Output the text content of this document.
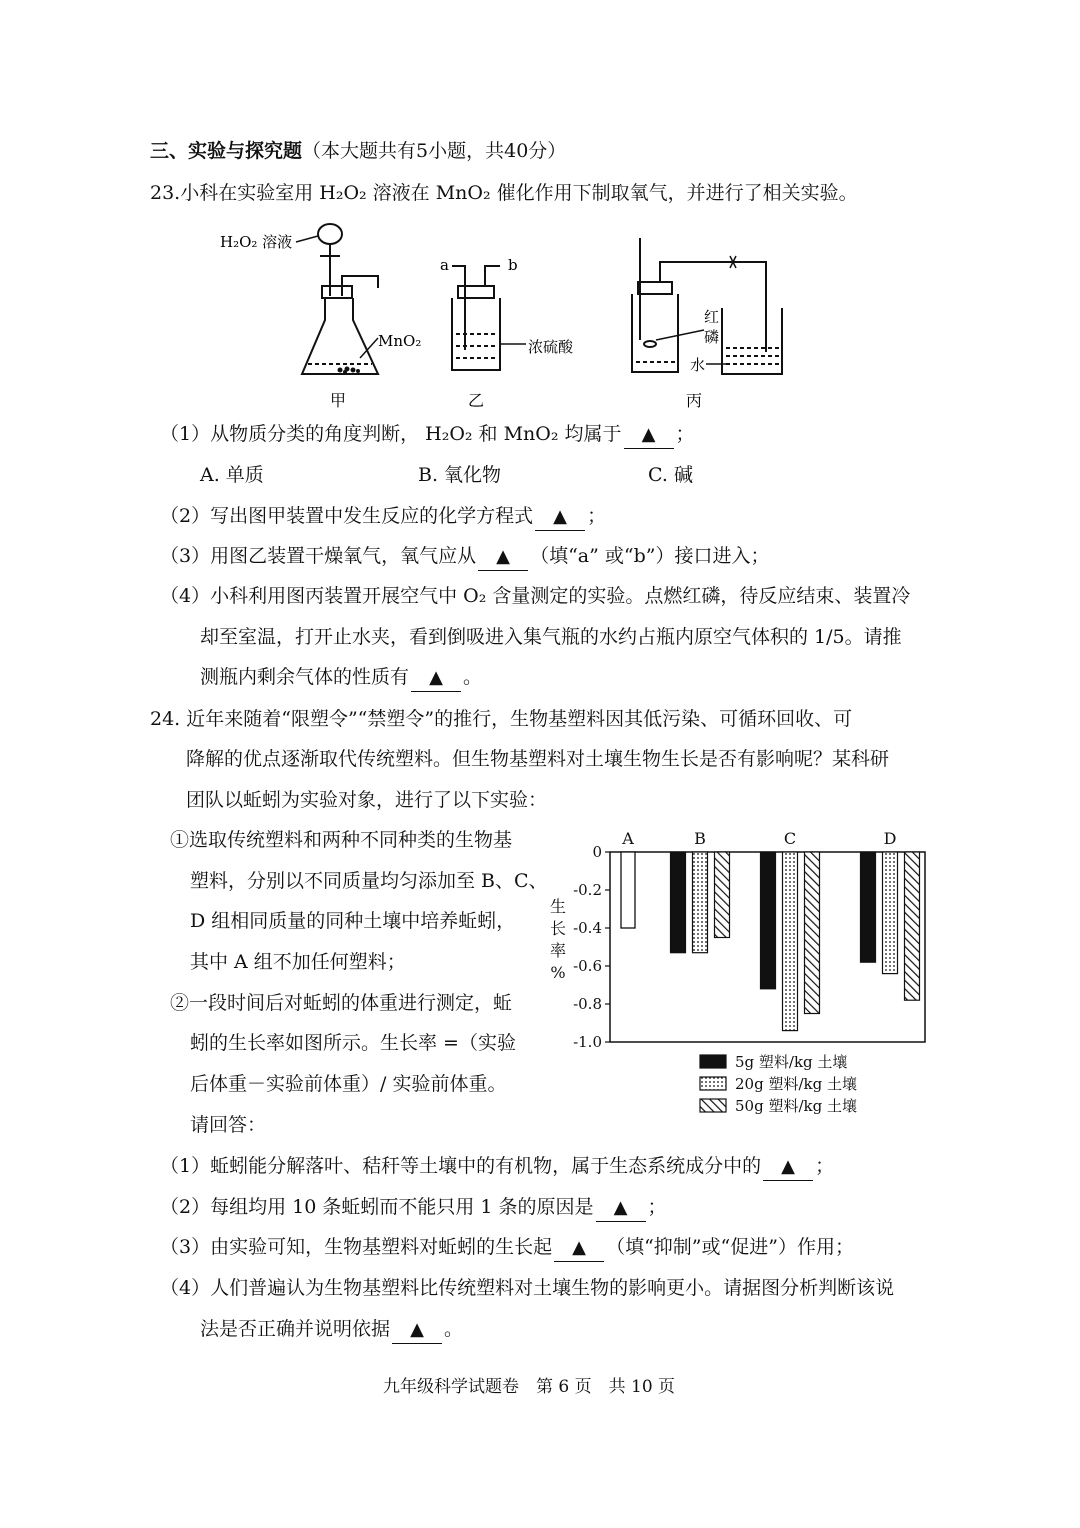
三、实验与探究题（本大题共有5小题，共40分）
23.小科在实验室用 H₂O₂ 溶液在 MnO₂ 催化作用下制取氧气，并进行了相关实验。
H₂O₂ 溶液
MnO₂
a	b
浓硫酸
红
磷
水
甲	乙	丙
（1）从物质分类的角度判断， H₂O₂ 和 MnO₂ 均属于 ▲ ；
A. 单质	B. 氧化物	C. 碱
（2）写出图甲装置中发生反应的化学方程式 ▲ ；
（3）用图乙装置干燥氧气，氧气应从 ▲ （填“a” 或“b”）接口进入；
（4）小科利用图丙装置开展空气中 O₂ 含量测定的实验。点燃红磷，待反应结束、装置冷
却至室温，打开止水夹，看到倒吸进入集气瓶的水约占瓶内原空气体积的 1/5。请推
测瓶内剩余气体的性质有 ▲ 。
24. 近年来随着“限塑令”“禁塑令”的推行，生物基塑料因其低污染、可循环回收、可
降解的优点逐渐取代传统塑料。但生物基塑料对土壤生物生长是否有影响呢？某科研
团队以蚯蚓为实验对象，进行了以下实验：
①选取传统塑料和两种不同种类的生物基
塑料，分别以不同质量均匀添加至 B、C、
D 组相同质量的同种土壤中培养蚯蚓，
其中 A 组不加任何塑料；
②一段时间后对蚯蚓的体重进行测定，蚯
蚓的生长率如图所示。生长率 =（实验
后体重－实验前体重）/ 实验前体重。
请回答：
0
-0.2
-0.4
-0.6
-0.8
-1.0
生
长
率
%
A	B	C	D
5g 塑料/kg 土壤
20g 塑料/kg 土壤
50g 塑料/kg 土壤
（1）蚯蚓能分解落叶、秸秆等土壤中的有机物，属于生态系统成分中的 ▲ ；
（2）每组均用 10 条蚯蚓而不能只用 1 条的原因是 ▲ ；
（3）由实验可知，生物基塑料对蚯蚓的生长起 ▲ （填“抑制”或“促进”）作用；
（4）人们普遍认为生物基塑料比传统塑料对土壤生物的影响更小。请据图分析判断该说
法是否正确并说明依据 ▲ 。
九年级科学试题卷　第 6 页　共 10 页
